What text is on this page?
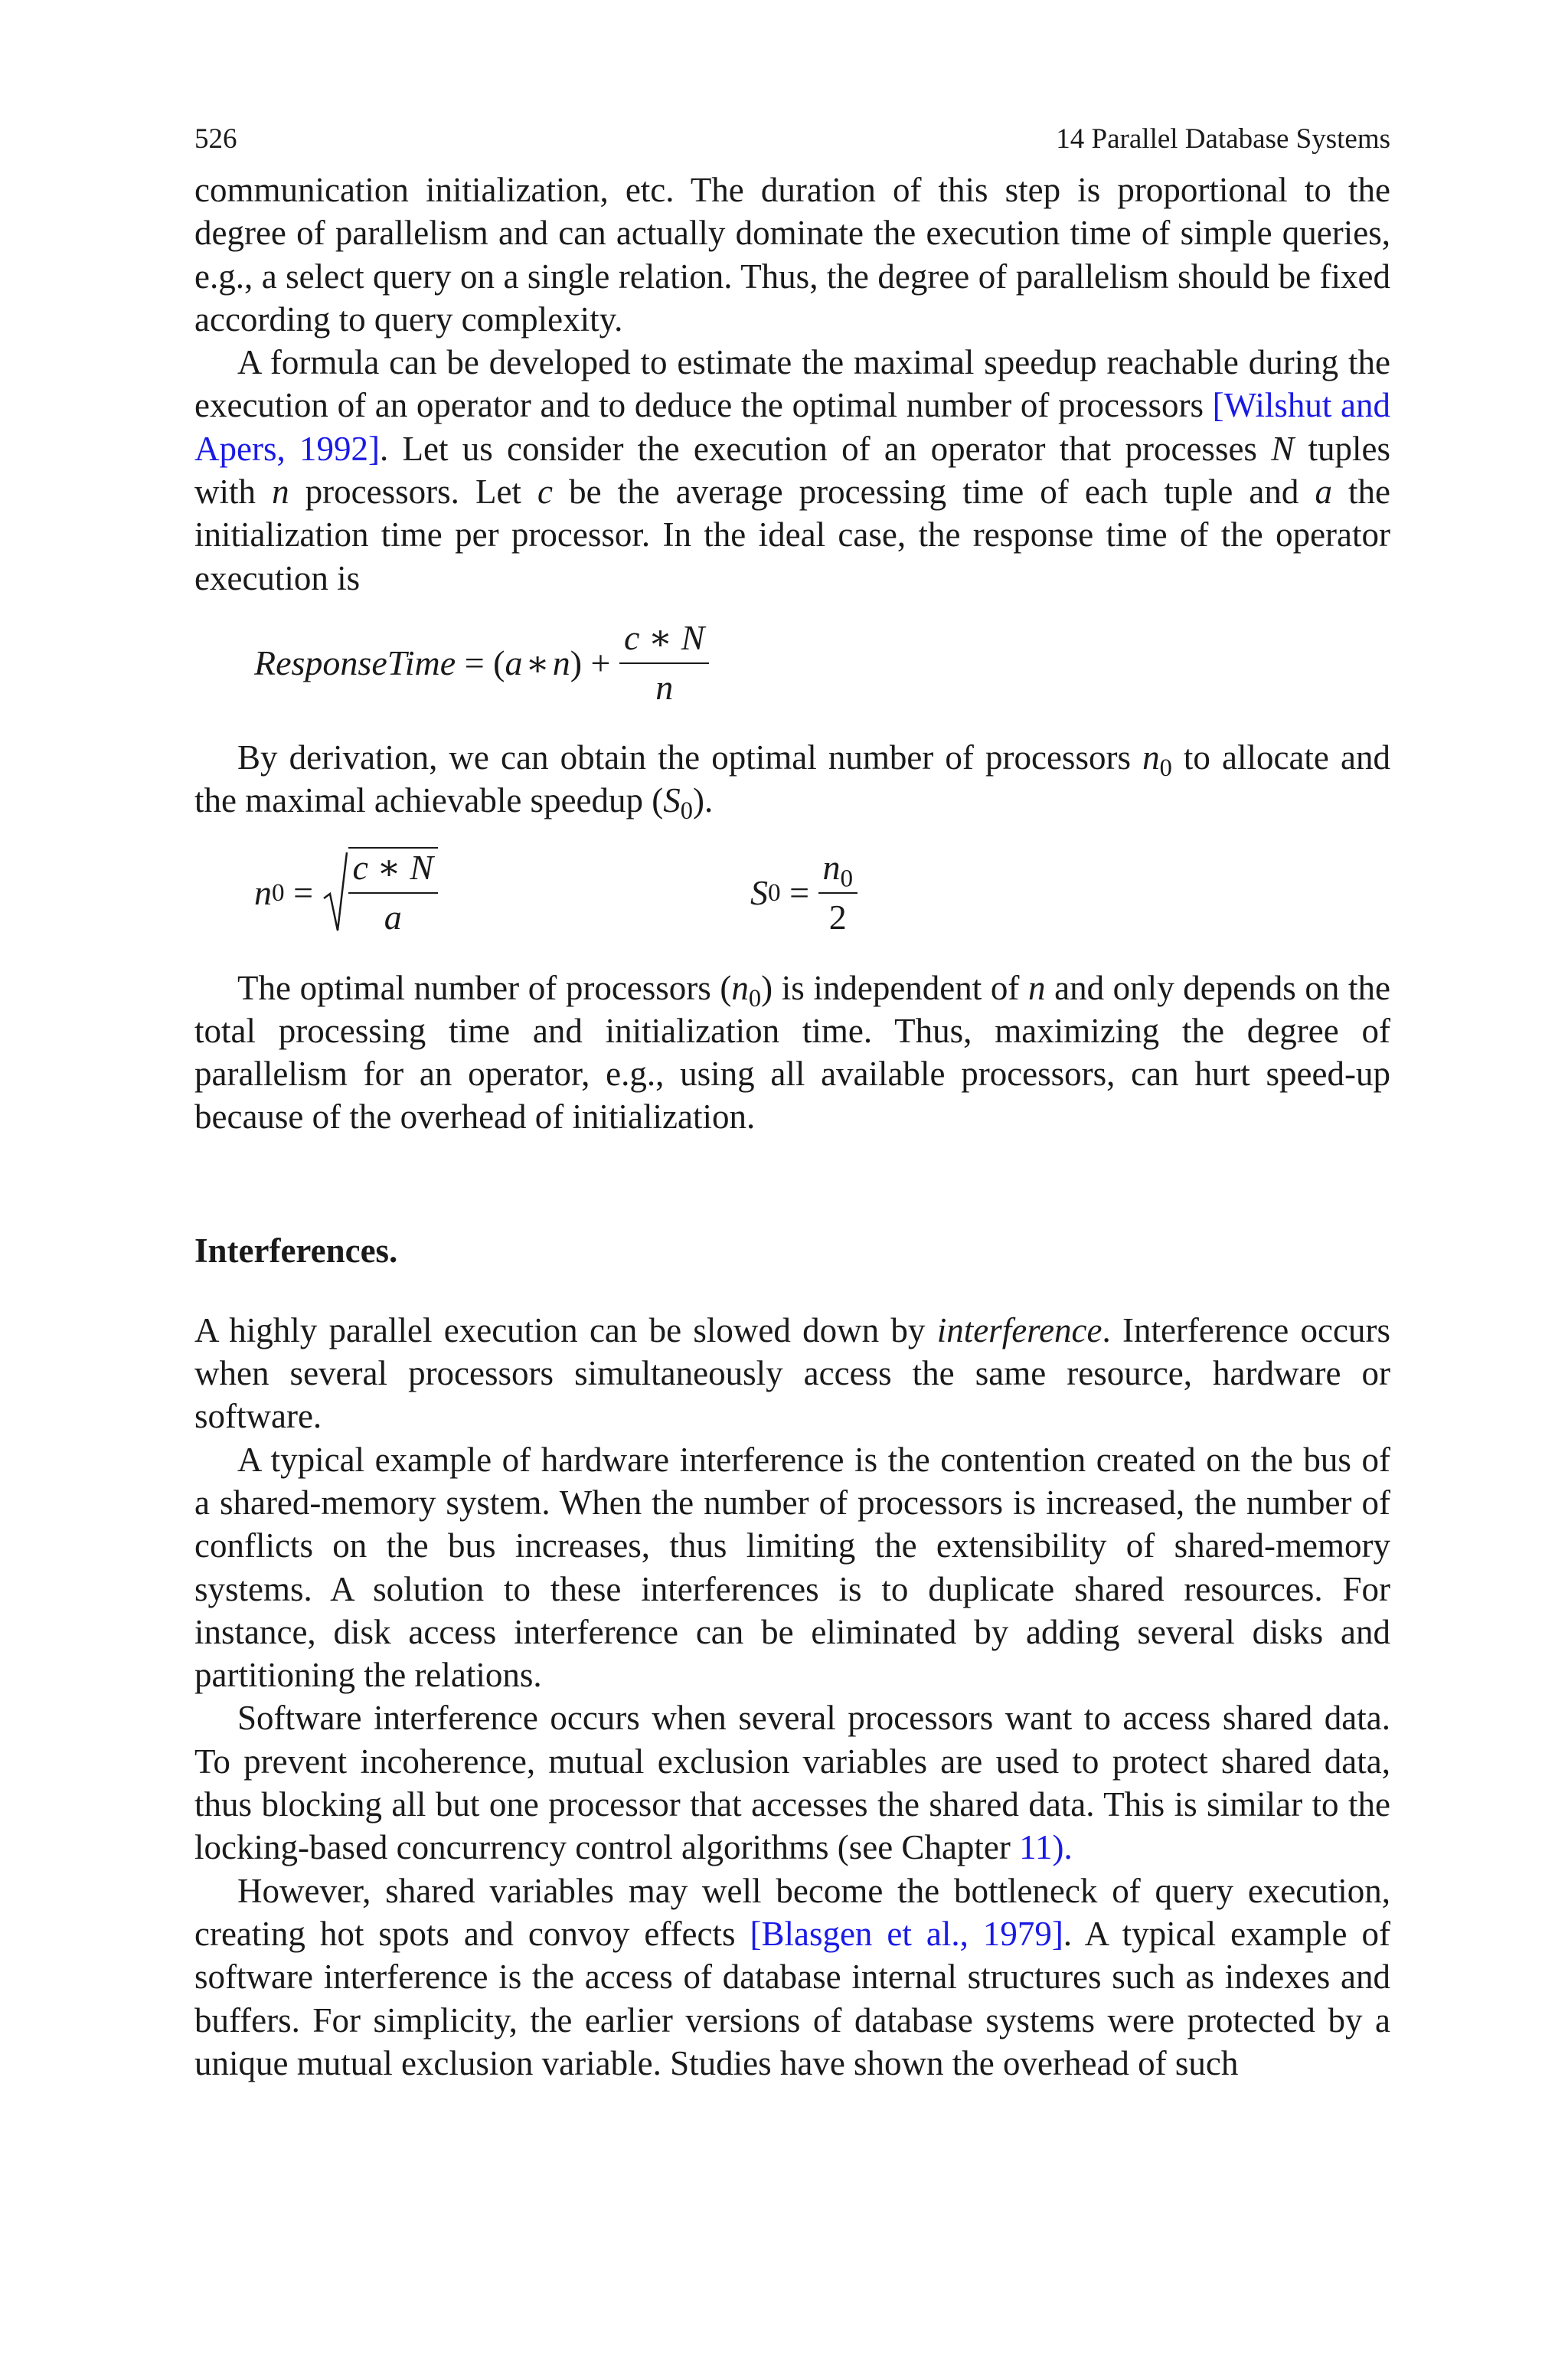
526	14 Parallel Database Systems

communication initialization, etc. The duration of this step is proportional to the degree of parallelism and can actually dominate the execution time of simple queries, e.g., a select query on a single relation. Thus, the degree of parallelism should be fixed according to query complexity.

A formula can be developed to estimate the maximal speedup reachable during the execution of an operator and to deduce the optimal number of processors [Wilshut and Apers, 1992]. Let us consider the execution of an operator that processes N tuples with n processors. Let c be the average processing time of each tuple and a the initialization time per processor. In the ideal case, the response time of the operator execution is

ResponseTime = ( a ∗ n ) + $\frac{c ∗ N}{n}$

By derivation, we can obtain the optimal number of processors $n_0$ to allocate and the maximal achievable speedup $(S_0)$.

n $0 = \frac{c ∗ N}{a}$	S $0 = \frac{n_0}{2}$

The optimal number of processors $(n_0)$ is independent of n and only depends on the total processing time and initialization time. Thus, maximizing the degree of parallelism for an operator, e.g., using all available processors, can hurt speed-up because of the overhead of initialization.

Interferences.

A highly parallel execution can be slowed down by interference. Interference occurs when several processors simultaneously access the same resource, hardware or software.

A typical example of hardware interference is the contention created on the bus of a shared-memory system. When the number of processors is increased, the number of conflicts on the bus increases, thus limiting the extensibility of shared-memory systems. A solution to these interferences is to duplicate shared resources. For instance, disk access interference can be eliminated by adding several disks and partitioning the relations.

Software interference occurs when several processors want to access shared data. To prevent incoherence, mutual exclusion variables are used to protect shared data, thus blocking all but one processor that accesses the shared data. This is similar to the locking-based concurrency control algorithms (see Chapter 11).

However, shared variables may well become the bottleneck of query execution, creating hot spots and convoy effects [Blasgen et al., 1979]. A typical example of software interference is the access of database internal structures such as indexes and buffers. For simplicity, the earlier versions of database systems were protected by a unique mutual exclusion variable. Studies have shown the overhead of such
